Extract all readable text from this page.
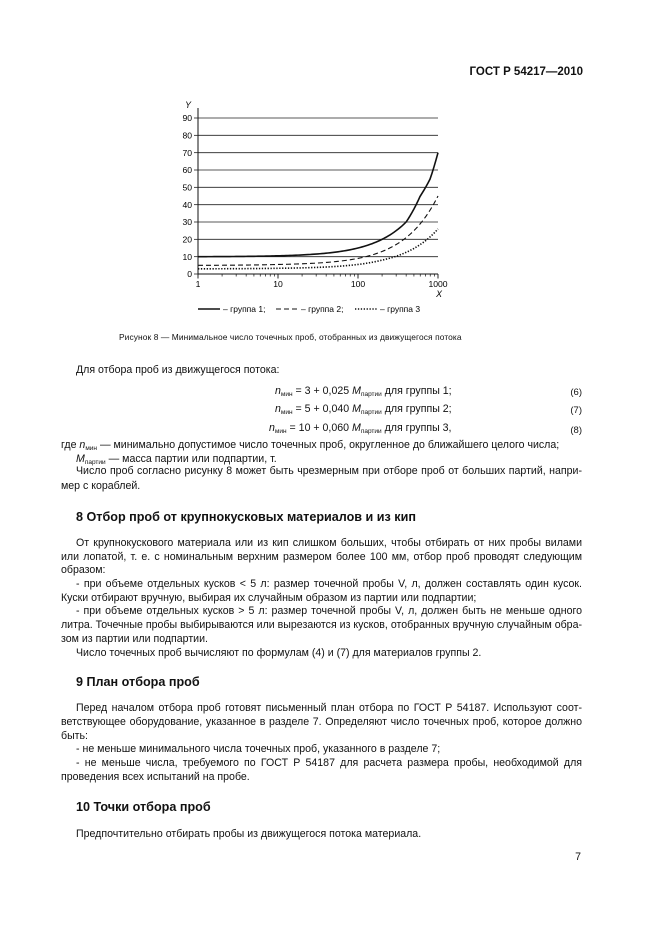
ГОСТ Р 54217—2010
Y
X
0
10
20
30
40
50
60
70
80
90
1	10	100	1000
– группа 1;	– группа 2;	– группа 3
Рисунок 8 — Минимальное число точечных проб, отобранных из движущегося потока
Для отбора проб из движущегося потока:
$n_{мин} = 3 + 0,025$ $M_{партии}$ для группы 1;	(6)
$n_{мин} = 5 + 0,040$ $M_{партии}$ для группы 2;	(7)
$n_{мин} = 10 + 0,060$ $M_{партии}$ для группы 3,	(8)
где $n_{мин}$ — минимально допустимое число точечных проб, округленное до ближайшего целого числа;
$M_{партии}$ — масса партии или подпартии, т.
Число проб согласно рисунку 8 может быть чрезмерным при отборе проб от больших партий, напри-
мер с кораблей.
8 Отбор проб от крупнокусковых материалов и из кип
От крупнокускового материала или из кип слишком больших, чтобы отбирать от них пробы вилами
или лопатой, т. е. с номинальным верхним размером более 100 мм, отбор проб проводят следующим
образом:
- при объеме отдельных кусков < 5 л: размер точечной пробы V, л, должен составлять один кусок.
Куски отбирают вручную, выбирая их случайным образом из партии или подпартии;
- при объеме отдельных кусков > 5 л: размер точечной пробы V, л, должен быть не меньше одного
литра. Точечные пробы выбирываются или вырезаются из кусков, отобранных вручную случайным обра-
зом из партии или подпартии.
Число точечных проб вычисляют по формулам (4) и (7) для материалов группы 2.
9 План отбора проб
Перед началом отбора проб готовят письменный план отбора по ГОСТ Р 54187. Используют соот-
ветствующее оборудование, указанное в разделе 7. Определяют число точечных проб, которое должно
быть:
- не меньше минимального числа точечных проб, указанного в разделе 7;
- не меньше числа, требуемого по ГОСТ Р 54187 для расчета размера пробы, необходимой для
проведения всех испытаний на пробе.
10 Точки отбора проб
Предпочтительно отбирать пробы из движущегося потока материала.
7
